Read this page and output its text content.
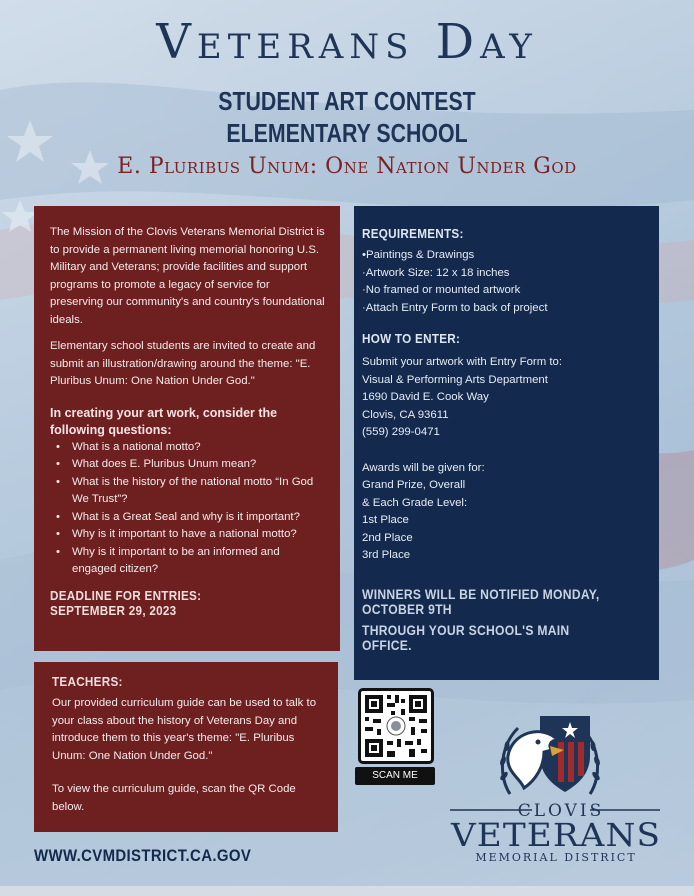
Veterans Day
STUDENT ART CONTEST
ELEMENTARY SCHOOL
E. Pluribus Unum: One Nation Under God

The Mission of the Clovis Veterans Memorial District is to provide a permanent living memorial honoring U.S. Military and Veterans; provide facilities and support programs to promote a legacy of service for preserving our community's and country's foundational ideals.

Elementary school students are invited to create and submit an illustration/drawing around the theme: "E. Pluribus Unum: One Nation Under God."

In creating your art work, consider the following questions:
• What is a national motto?
• What does E. Pluribus Unum mean?
• What is the history of the national motto “In God We Trust”?
• What is a Great Seal and why is it important?
• Why is it important to have a national motto?
• Why is it important to be an informed and engaged citizen?
DEADLINE FOR ENTRIES:
SEPTEMBER 29, 2023
REQUIREMENTS:

•Paintings & Drawings

·Artwork Size: 12 x 18 inches

·No framed or mounted artwork

·Attach Entry Form to back of project

HOW TO ENTER:

Submit your artwork with Entry Form to:

Visual & Performing Arts Department

1690 David E. Cook Way

Clovis, CA 93611

(559) 299-0471

Awards will be given for:

Grand Prize, Overall

& Each Grade Level:

1st Place

2nd Place

3rd Place

WINNERS WILL BE NOTIFIED MONDAY, OCTOBER 9TH
THROUGH YOUR SCHOOL'S MAIN OFFICE.
TEACHERS:

Our provided curriculum guide can be used to talk to your class about the history of Veterans Day and introduce them to this year's theme: "E. Pluribus Unum: One Nation Under God."

To view the curriculum guide, scan the QR Code below.

SCAN ME
CLOVIS
VETERANS
MEMORIAL DISTRICT
WWW.CVMDISTRICT.CA.GOV
